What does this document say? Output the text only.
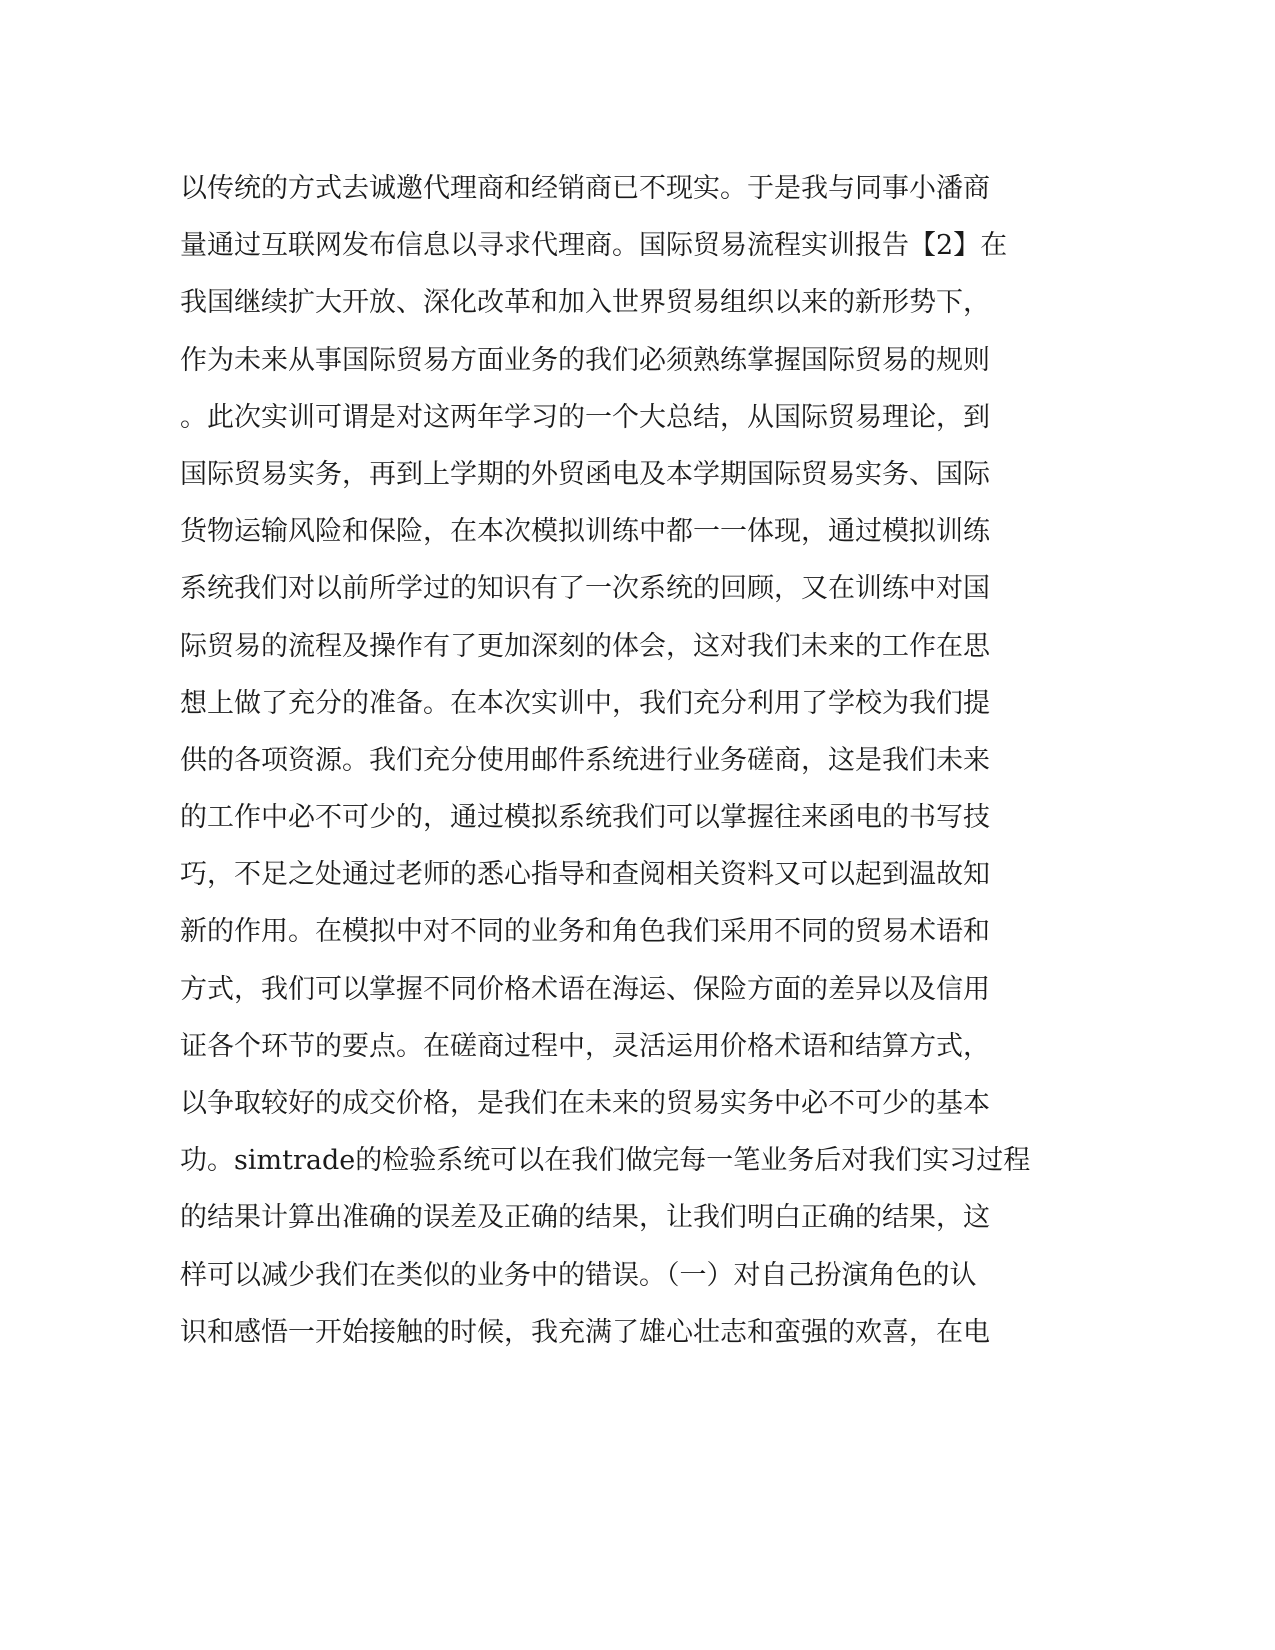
以传统的方式去诚邀代理商和经销商已不现实。于是我与同事小潘商
量通过互联网发布信息以寻求代理商。国际贸易流程实训报告【2】在
我国继续扩大开放、深化改革和加入世界贸易组织以来的新形势下，
作为未来从事国际贸易方面业务的我们必须熟练掌握国际贸易的规则
。此次实训可谓是对这两年学习的一个大总结，从国际贸易理论，到
国际贸易实务，再到上学期的外贸函电及本学期国际贸易实务、国际
货物运输风险和保险，在本次模拟训练中都一一体现，通过模拟训练
系统我们对以前所学过的知识有了一次系统的回顾，又在训练中对国
际贸易的流程及操作有了更加深刻的体会，这对我们未来的工作在思
想上做了充分的准备。在本次实训中，我们充分利用了学校为我们提
供的各项资源。我们充分使用邮件系统进行业务磋商，这是我们未来
的工作中必不可少的，通过模拟系统我们可以掌握往来函电的书写技
巧，不足之处通过老师的悉心指导和查阅相关资料又可以起到温故知
新的作用。在模拟中对不同的业务和角色我们采用不同的贸易术语和
方式，我们可以掌握不同价格术语在海运、保险方面的差异以及信用
证各个环节的要点。在磋商过程中，灵活运用价格术语和结算方式，
以争取较好的成交价格，是我们在未来的贸易实务中必不可少的基本
功。simtrade的检验系统可以在我们做完每一笔业务后对我们实习过程
的结果计算出准确的误差及正确的结果，让我们明白正确的结果，这
样可以减少我们在类似的业务中的错误。（一）对自己扮演角色的认
识和感悟一开始接触的时候，我充满了雄心壮志和蛮强的欢喜，在电
